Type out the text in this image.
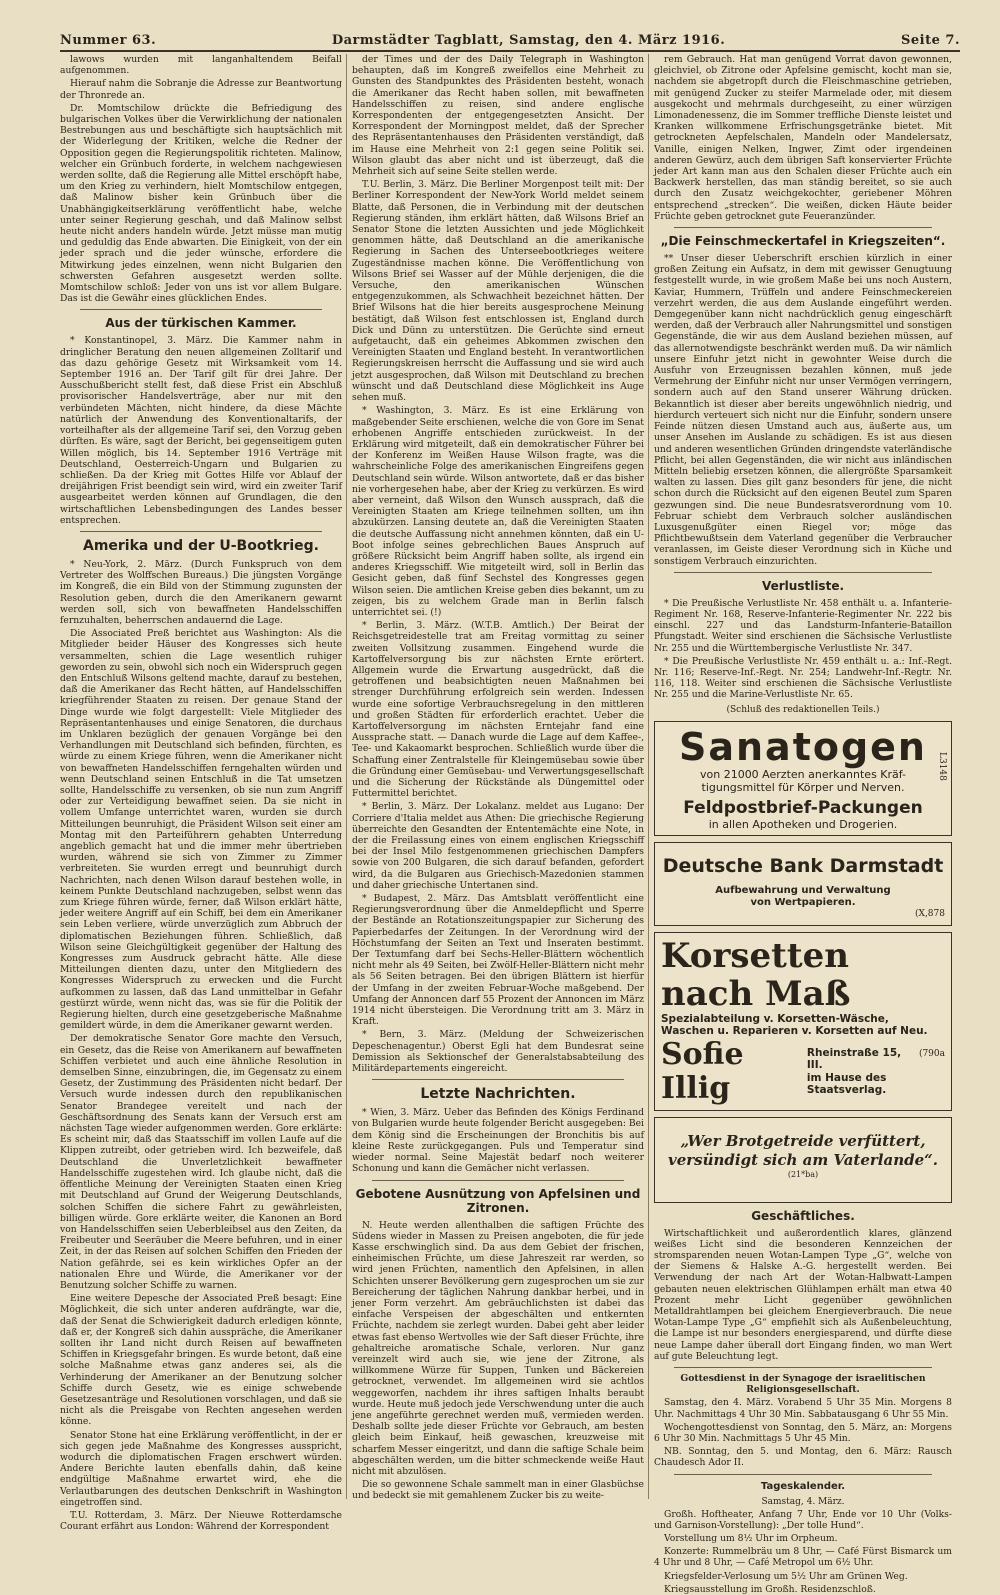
Nummer 63.	Darmstädter Tagblatt, Samstag, den 4. März 1916.	Seite 7.

lawows wurden mit langanhaltendem Beifall aufgenommen.

Hierauf nahm die Sobranje die Adresse zur Beantwortung der Thronrede an.

Dr. Momtschilow drückte die Befriedigung des bulgarischen Volkes über die Verwirklichung der nationalen Bestrebungen aus und beschäftigte sich hauptsächlich mit der Widerlegung der Kritiken, welche die Redner der Opposition gegen die Regierungspolitik richteten. Malinow, welcher ein Grünbuch forderte, in welchem nachgewiesen werden sollte, daß die Regierung alle Mittel erschöpft habe, um den Krieg zu verhindern, hielt Momtschilow entgegen, daß Malinow bisher kein Grünbuch über die Unabhängigkeitserklärung veröffentlicht habe, welche unter seiner Regierung geschah, und daß Malinow selbst heute nicht anders handeln würde. Jetzt müsse man mutig und geduldig das Ende abwarten. Die Einigkeit, von der ein jeder sprach und die jeder wünsche, erfordere die Mitwirkung jedes einzelnen, wenn nicht Bulgarien den schwersten Gefahren ausgesetzt werden sollte. Momtschilow schloß: Jeder von uns ist vor allem Bulgare. Das ist die Gewähr eines glücklichen Endes.

Aus der türkischen Kammer.

* Konstantinopel, 3. März. Die Kammer nahm in dringlicher Beratung den neuen allgemeinen Zolltarif und das dazu gehörige Gesetz mit Wirksamkeit vom 14. September 1916 an. Der Tarif gilt für drei Jahre. Der Ausschußbericht stellt fest, daß diese Frist ein Abschluß provisorischer Handelsverträge, aber nur mit den verbündeten Mächten, nicht hindere, da diese Mächte natürlich der Anwendung des Konventionaltarifs, der vorteilhafter als der allgemeine Tarif sei, den Vorzug geben dürften. Es wäre, sagt der Bericht, bei gegenseitigem guten Willen möglich, bis 14. September 1916 Verträge mit Deutschland, Oesterreich-Ungarn und Bulgarien zu schließen. Da der Krieg mit Gottes Hilfe vor Ablauf der dreijährigen Frist beendigt sein wird, wird ein zweiter Tarif ausgearbeitet werden können auf Grundlagen, die den wirtschaftlichen Lebensbedingungen des Landes besser entsprechen.

Amerika und der U-Bootkrieg.

* Neu-York, 2. März. (Durch Funkspruch von dem Vertreter des Wolffschen Bureaus.) Die jüngsten Vorgänge im Kongreß, die ein Bild von der Stimmung zugunsten der Resolution geben, durch die den Amerikanern gewarnt werden soll, sich von bewaffneten Handelsschiffen fernzuhalten, beherrschen andauernd die Lage.

Die Associated Preß berichtet aus Washington: Als die Mitglieder beider Häuser des Kongresses sich heute versammelten, schien die Lage wesentlich ruhiger geworden zu sein, obwohl sich noch ein Widerspruch gegen den Entschluß Wilsons geltend machte, darauf zu bestehen, daß die Amerikaner das Recht hätten, auf Handelsschiffen kriegführender Staaten zu reisen. Der genaue Stand der Dinge wurde wie folgt dargestellt: Viele Mitglieder des Repräsentantenhauses und einige Senatoren, die durchaus im Unklaren bezüglich der genauen Vorgänge bei den Verhandlungen mit Deutschland sich befinden, fürchten, es würde zu einem Kriege führen, wenn die Amerikaner nicht von bewaffneten Handelsschiffen ferngehalten würden und wenn Deutschland seinen Entschluß in die Tat umsetzen sollte, Handelsschiffe zu versenken, ob sie nun zum Angriff oder zur Verteidigung bewaffnet seien. Da sie nicht in vollem Umfange unterrichtet waren, wurden sie durch Mitteilungen beunruhigt, die Präsident Wilson seit einer am Montag mit den Parteiführern gehabten Unterredung angeblich gemacht hat und die immer mehr übertrieben wurden, während sie sich von Zimmer zu Zimmer verbreiteten. Sie wurden erregt und beunruhigt durch Nachrichten, nach denen Wilson darauf bestehen wolle, in keinem Punkte Deutschland nachzugeben, selbst wenn das zum Kriege führen würde, ferner, daß Wilson erklärt hätte, jeder weitere Angriff auf ein Schiff, bei dem ein Amerikaner sein Leben verliere, würde unverzüglich zum Abbruch der diplomatischen Beziehungen führen. Schließlich, daß Wilson seine Gleichgültigkeit gegenüber der Haltung des Kongresses zum Ausdruck gebracht hätte. Alle diese Mitteilungen dienten dazu, unter den Mitgliedern des Kongresses Widerspruch zu erwecken und die Furcht aufkommen zu lassen, daß das Land unmittelbar in Gefahr gestürzt würde, wenn nicht das, was sie für die Politik der Regierung hielten, durch eine gesetzgeberische Maßnahme gemildert würde, in dem die Amerikaner gewarnt werden.

Der demokratische Senator Gore machte den Versuch, ein Gesetz, das die Reise von Amerikanern auf bewaffneten Schiffen verbietet und auch eine ähnliche Resolution in demselben Sinne, einzubringen, die, im Gegensatz zu einem Gesetz, der Zustimmung des Präsidenten nicht bedarf. Der Versuch wurde indessen durch den republikanischen Senator Brandegee vereitelt und nach der Geschäftsordnung des Senats kann der Versuch erst am nächsten Tage wieder aufgenommen werden. Gore erklärte: Es scheint mir, daß das Staatsschiff im vollen Laufe auf die Klippen zutreibt, oder getrieben wird. Ich bezweifele, daß Deutschland die Unverletzlichkeit bewaffneter Handelsschiffe zugestehen wird. Ich glaube nicht, daß die öffentliche Meinung der Vereinigten Staaten einen Krieg mit Deutschland auf Grund der Weigerung Deutschlands, solchen Schiffen die sichere Fahrt zu gewährleisten, billigen würde. Gore erklärte weiter, die Kanonen an Bord von Handelsschiffen seien Ueberbleibsel aus den Zeiten, da Freibeuter und Seeräuber die Meere befuhren, und in einer Zeit, in der das Reisen auf solchen Schiffen den Frieden der Nation gefährde, sei es kein wirkliches Opfer an der nationalen Ehre und Würde, die Amerikaner vor der Benutzung solcher Schiffe zu warnen.

Eine weitere Depesche der Associated Preß besagt: Eine Möglichkeit, die sich unter anderen aufdrängte, war die, daß der Senat die Schwierigkeit dadurch erledigen könnte, daß er, der Kongreß sich dahin ausspräche, die Amerikaner sollten ihr Land nicht durch Reisen auf bewaffneten Schiffen in Kriegsgefahr bringen. Es wurde betont, daß eine solche Maßnahme etwas ganz anderes sei, als die Verhinderung der Amerikaner an der Benutzung solcher Schiffe durch Gesetz, wie es einige schwebende Gesetzesanträge und Resolutionen vorschlagen, und daß sie nicht als die Preisgabe von Rechten angesehen werden könne.

Senator Stone hat eine Erklärung veröffentlicht, in der er sich gegen jede Maßnahme des Kongresses ausspricht, wodurch die diplomatischen Fragen erschwert würden. Andere Berichte lauten ebenfalls dahin, daß keine endgültige Maßnahme erwartet wird, ehe die Verlautbarungen des deutschen Denkschrift in Washington eingetroffen sind.

T.U. Rotterdam, 3. März. Der Nieuwe Rotterdamsche Courant erfährt aus London: Während der Korrespondent

der Times und der des Daily Telegraph in Washington behaupten, daß im Kongreß zweifellos eine Mehrheit zu Gunsten des Standpunktes des Präsidenten besteht, wonach die Amerikaner das Recht haben sollen, mit bewaffneten Handelsschiffen zu reisen, sind andere englische Korrespondenten der entgegengesetzten Ansicht. Der Korrespondent der Morningpost meldet, daß der Sprecher des Repräsentantenhauses den Präsidenten verständigt, daß im Hause eine Mehrheit von 2:1 gegen seine Politik sei. Wilson glaubt das aber nicht und ist überzeugt, daß die Mehrheit sich auf seine Seite stellen werde.

T.U. Berlin, 3. März. Die Berliner Morgenpost teilt mit: Der Berliner Korrespondent der New-York World meldet seinem Blatte, daß Personen, die in Verbindung mit der deutschen Regierung ständen, ihm erklärt hätten, daß Wilsons Brief an Senator Stone die letzten Aussichten und jede Möglichkeit genommen hätte, daß Deutschland an die amerikanische Regierung in Sachen des Unterseebootkrieges weitere Zugeständnisse machen könne. Die Veröffentlichung von Wilsons Brief sei Wasser auf der Mühle derjenigen, die die Versuche, den amerikanischen Wünschen entgegenzukommen, als Schwachheit bezeichnet hätten. Der Brief Wilsons hat die hier bereits ausgesprochene Meinung bestätigt, daß Wilson fest entschlossen ist, England durch Dick und Dünn zu unterstützen. Die Gerüchte sind erneut aufgetaucht, daß ein geheimes Abkommen zwischen den Vereinigten Staaten und England besteht. In verantwortlichen Regierungskreisen herrscht die Auffassung und sie wird auch jetzt ausgesprochen, daß Wilson mit Deutschland zu brechen wünscht und daß Deutschland diese Möglichkeit ins Auge sehen muß.

* Washington, 3. März. Es ist eine Erklärung von maßgebender Seite erschienen, welche die von Gore im Senat erhobenen Angriffe entschieden zurückweist. In der Erklärung wird mitgeteilt, daß ein demokratischer Führer bei der Konferenz im Weißen Hause Wilson fragte, was die wahrscheinliche Folge des amerikanischen Eingreifens gegen Deutschland sein würde. Wilson antwortete, daß er das bisher nie vorhergesehen habe, aber der Krieg zu verkürzen. Es wird aber verneint, daß Wilson den Wunsch aussprach, daß die Vereinigten Staaten am Kriege teilnehmen sollten, um ihn abzukürzen. Lansing deutete an, daß die Vereinigten Staaten die deutsche Auffassung nicht annehmen könnten, daß ein U-Boot infolge seines gebrechlichen Baues Anspruch auf größere Rücksicht beim Angriff haben sollte, als irgend ein anderes Kriegsschiff. Wie mitgeteilt wird, soll in Berlin das Gesicht geben, daß fünf Sechstel des Kongresses gegen Wilson seien. Die amtlichen Kreise geben dies bekannt, um zu zeigen, bis zu welchem Grade man in Berlin falsch unterrichtet sei. (!)

* Berlin, 3. März. (W.T.B. Amtlich.) Der Beirat der Reichsgetreidestelle trat am Freitag vormittag zu seiner zweiten Vollsitzung zusammen. Eingehend wurde die Kartoffelversorgung bis zur nächsten Ernte erörtert. Allgemein wurde die Erwartung ausgedrückt, daß die getroffenen und beabsichtigten neuen Maßnahmen bei strenger Durchführung erfolgreich sein werden. Indessen wurde eine sofortige Verbrauchsregelung in den mittleren und großen Städten für erforderlich erachtet. Ueber die Kartoffelversorgung im nächsten Erntejahr fand eine Aussprache statt. — Danach wurde die Lage auf dem Kaffee-, Tee- und Kakaomarkt besprochen. Schließlich wurde über die Schaffung einer Zentralstelle für Kleingemüsebau sowie über die Gründung einer Gemüsebau- und Verwertungsgesellschaft und die Sicherung der Rückstände als Düngemittel oder Futtermittel berichtet.

* Berlin, 3. März. Der Lokalanz. meldet aus Lugano: Der Corriere d'Italia meldet aus Athen: Die griechische Regierung überreichte den Gesandten der Ententemächte eine Note, in der die Freilassung eines von einem englischen Kriegsschiff bei der Insel Milo festgenommenen griechischen Dampfers sowie von 200 Bulgaren, die sich darauf befanden, gefordert wird, da die Bulgaren aus Griechisch-Mazedonien stammen und daher griechische Untertanen sind.

* Budapest, 2. März. Das Amtsblatt veröffentlicht eine Regierungsverordnung über die Anmeldepflicht und Sperre der Bestände an Rotationszeitungspapier zur Sicherung des Papierbedarfes der Zeitungen. In der Verordnung wird der Höchstumfang der Seiten an Text und Inseraten bestimmt. Der Textumfang darf bei Sechs-Heller-Blättern wöchentlich nicht mehr als 49 Seiten, bei Zwölf-Heller-Blättern nicht mehr als 56 Seiten betragen. Bei den übrigen Blättern ist hierfür der Umfang in der zweiten Februar-Woche maßgebend. Der Umfang der Annoncen darf 55 Prozent der Annoncen im März 1914 nicht übersteigen. Die Verordnung tritt am 3. März in Kraft.

* Bern, 3. März. (Meldung der Schweizerischen Depeschenagentur.) Oberst Egli hat dem Bundesrat seine Demission als Sektionschef der Generalstabsabteilung des Militärdepartements eingereicht.

Letzte Nachrichten.

* Wien, 3. März. Ueber das Befinden des Königs Ferdinand von Bulgarien wurde heute folgender Bericht ausgegeben: Bei dem König sind die Erscheinungen der Bronchitis bis auf kleine Reste zurückgegangen. Puls und Temperatur sind wieder normal. Seine Majestät bedarf noch weiterer Schonung und kann die Gemächer nicht verlassen.

Gebotene Ausnützung von Apfelsinen und Zitronen.

N. Heute werden allenthalben die saftigen Früchte des Südens wieder in Massen zu Preisen angeboten, die für jede Kasse erschwinglich sind. Da aus dem Gebiet der frischen, einheimischen Früchte, um diese Jahreszeit rar werden, so wird jenen Früchten, namentlich den Apfelsinen, in allen Schichten unserer Bevölkerung gern zugesprochen um sie zur Bereicherung der täglichen Nahrung dankbar herbei, und in jener Form verzehrt. Am gebräuchlichsten ist dabei das einfache Verspeisen der abgeschälten und entkernten Früchte, nachdem sie zerlegt wurden. Dabei geht aber leider etwas fast ebenso Wertvolles wie der Saft dieser Früchte, ihre gehaltreiche aromatische Schale, verloren. Nur ganz vereinzelt wird auch sie, wie jene der Zitrone, als willkommene Würze für Suppen, Tunken und Bäckereien getrocknet, verwendet. Im allgemeinen wird sie achtlos weggeworfen, nachdem ihr ihres saftigen Inhalts beraubt wurde. Heute muß jedoch jede Verschwendung unter die auch jene angeführte gerechnet werden muß, vermieden werden. Deshalb sollte jede dieser Früchte vor Gebrauch, am besten gleich beim Einkauf, heiß gewaschen, kreuzweise mit scharfem Messer eingeritzt, und dann die saftige Schale beim abgeschälten werden, um die bitter schmeckende weiße Haut nicht mit abzulösen.

Die so gewonnene Schale sammelt man in einer Glasbüchse und bedeckt sie mit gemahlenem Zucker bis zu weite-

rem Gebrauch. Hat man genügend Vorrat davon gewonnen, gleichviel, ob Zitrone oder Apfelsine gemischt, kocht man sie, nachdem sie abgetropft durch die Fleischmaschine getrieben, mit genügend Zucker zu steifer Marmelade oder, mit diesem ausgekocht und mehrmals durchgeseiht, zu einer würzigen Limonadenessenz, die im Sommer treffliche Dienste leistet und Kranken willkommene Erfrischungsgetränke bietet. Mit getrockneten Aepfelschalen, Mandeln oder Mandelersatz, Vanille, einigen Nelken, Ingwer, Zimt oder irgendeinen anderen Gewürz, auch dem übrigen Saft konservierter Früchte jeder Art kann man aus den Schalen dieser Früchte auch ein Backwerk herstellen, das man ständig bereitet, so sie auch durch den Zusatz weichgekochter, geriebener Möhren entsprechend „strecken“. Die weißen, dicken Häute beider Früchte geben getrocknet gute Feueranzünder.

„Die Feinschmeckertafel in Kriegszeiten“.

** Unser dieser Ueberschrift erschien kürzlich in einer großen Zeitung ein Aufsatz, in dem mit gewisser Genugtuung festgestellt wurde, in wie großem Maße bei uns noch Austern, Kaviar, Hummern, Trüffeln und andere Feinschmeckereien verzehrt werden, die aus dem Auslande eingeführt werden. Demgegenüber kann nicht nachdrücklich genug eingeschärft werden, daß der Verbrauch aller Nahrungsmittel und sonstigen Gegenstände, die wir aus dem Ausland beziehen müssen, auf das allernotwendigste beschränkt werden muß. Da wir nämlich unsere Einfuhr jetzt nicht in gewohnter Weise durch die Ausfuhr von Erzeugnissen bezahlen können, muß jede Vermehrung der Einfuhr nicht nur unser Vermögen verringern, sondern auch auf den Stand unserer Währung drücken. Bekanntlich ist dieser aber bereits ungewöhnlich niedrig, und hierdurch verteuert sich nicht nur die Einfuhr, sondern unsere Feinde nützen diesen Umstand auch aus, äußerte aus, um unser Ansehen im Auslande zu schädigen. Es ist aus diesen und anderen wesentlichen Gründen dringendste vaterländische Pflicht, bei allen Gegenständen, die wir nicht aus inländischen Mitteln beliebig ersetzen können, die allergrößte Sparsamkeit walten zu lassen. Dies gilt ganz besonders für jene, die nicht schon durch die Rücksicht auf den eigenen Beutel zum Sparen gezwungen sind. Die neue Bundesratsverordnung vom 10. Februar schiebt dem Verbrauch solcher ausländischen Luxusgenußgüter einen Riegel vor; möge das Pflichtbewußtsein dem Vaterland gegenüber die Verbraucher veranlassen, im Geiste dieser Verordnung sich in Küche und sonstigem Verbrauch einzurichten.

Verlustliste.

* Die Preußische Verlustliste Nr. 458 enthält u. a. Infanterie-Regiment Nr. 168, Reserve-Infanterie-Regimenter Nr. 222 bis einschl. 227 und das Landsturm-Infanterie-Bataillon Pfungstadt. Weiter sind erschienen die Sächsische Verlustliste Nr. 255 und die Württembergische Verlustliste Nr. 347.

* Die Preußische Verlustliste Nr. 459 enthält u. a.: Inf.-Regt. Nr. 116; Reserve-Inf.-Regt. Nr. 254; Landwehr-Inf.-Regtr. Nr. 116, 118. Weiter sind erschienen die Sächsische Verlustliste Nr. 255 und die Marine-Verlustliste Nr. 65.

(Schluß des redaktionellen Teils.)
Sanatogen
von 21000 Aerzten anerkanntes Kräf-
tigungsmittel für Körper und Nerven.
Feldpostbrief-Packungen
in allen Apotheken und Drogerien.
L3148
Deutsche Bank Darmstadt
Aufbewahrung und Verwaltung
von Wertpapieren.
(X,878
Korsetten nach Maß
Spezialabteilung v. Korsetten-Wäsche,
Waschen u. Reparieren v. Korsetten auf Neu.
Sofie Illig
Rheinstraße 15, III.
(790a
im Hause des Staatsverlag.
„Wer Brotgetreide verfüttert,
versündigt sich am Vaterlande“.
(21*ba)
Geschäftliches.

Wirtschaftlichkeit und außerordentlich klares, glänzend weißes Licht sind die besonderen Kennzeichen der stromsparenden neuen Wotan-Lampen Type „G“, welche von der Siemens & Halske A.-G. hergestellt werden. Bei Verwendung der nach Art der Wotan-Halbwatt-Lampen gebauten neuen elektrischen Glühlampen erhält man etwa 40 Prozent mehr Licht gegenüber gewöhnlichen Metalldrahtlampen bei gleichem Energieverbrauch. Die neue Wotan-Lampe Type „G“ empfiehlt sich als Außenbeleuchtung, die Lampe ist nur besonders energiesparend, und dürfte diese neue Lampe daher überall dort Eingang finden, wo man Wert auf gute Beleuchtung legt.

Gottesdienst in der Synagoge der israelitischen Religionsgesellschaft.

Samstag, den 4. März. Vorabend 5 Uhr 35 Min. Morgens 8 Uhr. Nachmittags 4 Uhr 30 Min. Sabbatausgang 6 Uhr 55 Min.

Wochengottesdienst von Sonntag, den 5. März, an: Morgens 6 Uhr 30 Min. Nachmittags 5 Uhr 45 Min.

NB. Sonntag, den 5. und Montag, den 6. März: Rausch Chaudesch Ador II.

Tageskalender.
Samstag, 4. März.

Großh. Hoftheater, Anfang 7 Uhr, Ende vor 10 Uhr (Volks- und Garnison-Vorstellung): „Der tolle Hund“.

Vorstellung um 8½ Uhr im Orpheum.

Konzerte: Rummelbräu um 8 Uhr, — Café Fürst Bismarck um 4 Uhr und 8 Uhr, — Café Metropol um 6½ Uhr.

Kriegsfelder-Verlosung um 5½ Uhr am Grünen Weg.

Kriegsausstellung im Großh. Residenzschloß.
